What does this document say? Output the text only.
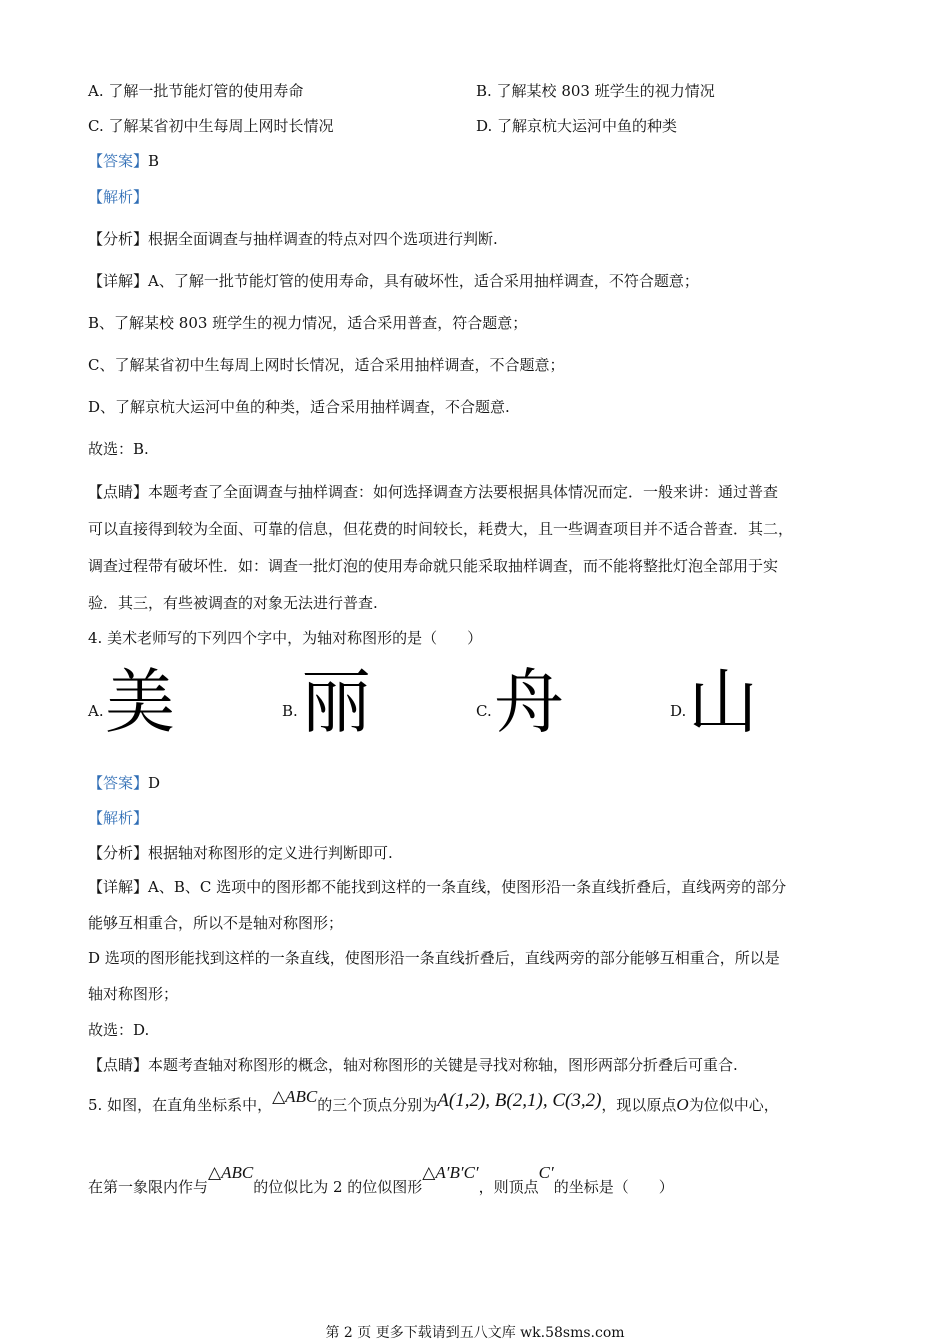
A. 了解一批节能灯管的使用寿命	B. 了解某校 803 班学生的视力情况
C. 了解某省初中生每周上网时长情况	D. 了解京杭大运河中鱼的种类
【答案】B
【解析】
【分析】根据全面调查与抽样调查的特点对四个选项进行判断.
【详解】A、了解一批节能灯管的使用寿命，具有破坏性，适合采用抽样调查，不符合题意；
B、了解某校 803 班学生的视力情况，适合采用普查，符合题意；
C、了解某省初中生每周上网时长情况，适合采用抽样调查，不合题意；
D、了解京杭大运河中鱼的种类，适合采用抽样调查，不合题意.
故选：B.
【点睛】本题考查了全面调查与抽样调查：如何选择调查方法要根据具体情况而定．一般来讲：通过普查
可以直接得到较为全面、可靠的信息，但花费的时间较长，耗费大，且一些调查项目并不适合普查．其二，
调查过程带有破坏性．如：调查一批灯泡的使用寿命就只能采取抽样调查，而不能将整批灯泡全部用于实
验．其三，有些被调查的对象无法进行普查.
4. 美术老师写的下列四个字中，为轴对称图形的是（　　）
A. 美	B. 丽	C. 舟	D. 山
【答案】D
【解析】
【分析】根据轴对称图形的定义进行判断即可.
【详解】A、B、C 选项中的图形都不能找到这样的一条直线，使图形沿一条直线折叠后，直线两旁的部分
能够互相重合，所以不是轴对称图形；
D 选项的图形能找到这样的一条直线，使图形沿一条直线折叠后，直线两旁的部分能够互相重合，所以是
轴对称图形；
故选：D.
【点睛】本题考查轴对称图形的概念，轴对称图形的关键是寻找对称轴，图形两部分折叠后可重合.
5. 如图，在直角坐标系中，△ABC的三个顶点分别为A(1,2), B(2,1), C(3,2)，现以原点O为位似中心，
在第一象限内作与△ABC的位似比为 2 的位似图形△A′B′C′，则顶点C′的坐标是（　　）
第 2 页 更多下载请到五八文库 wk.58sms.com
